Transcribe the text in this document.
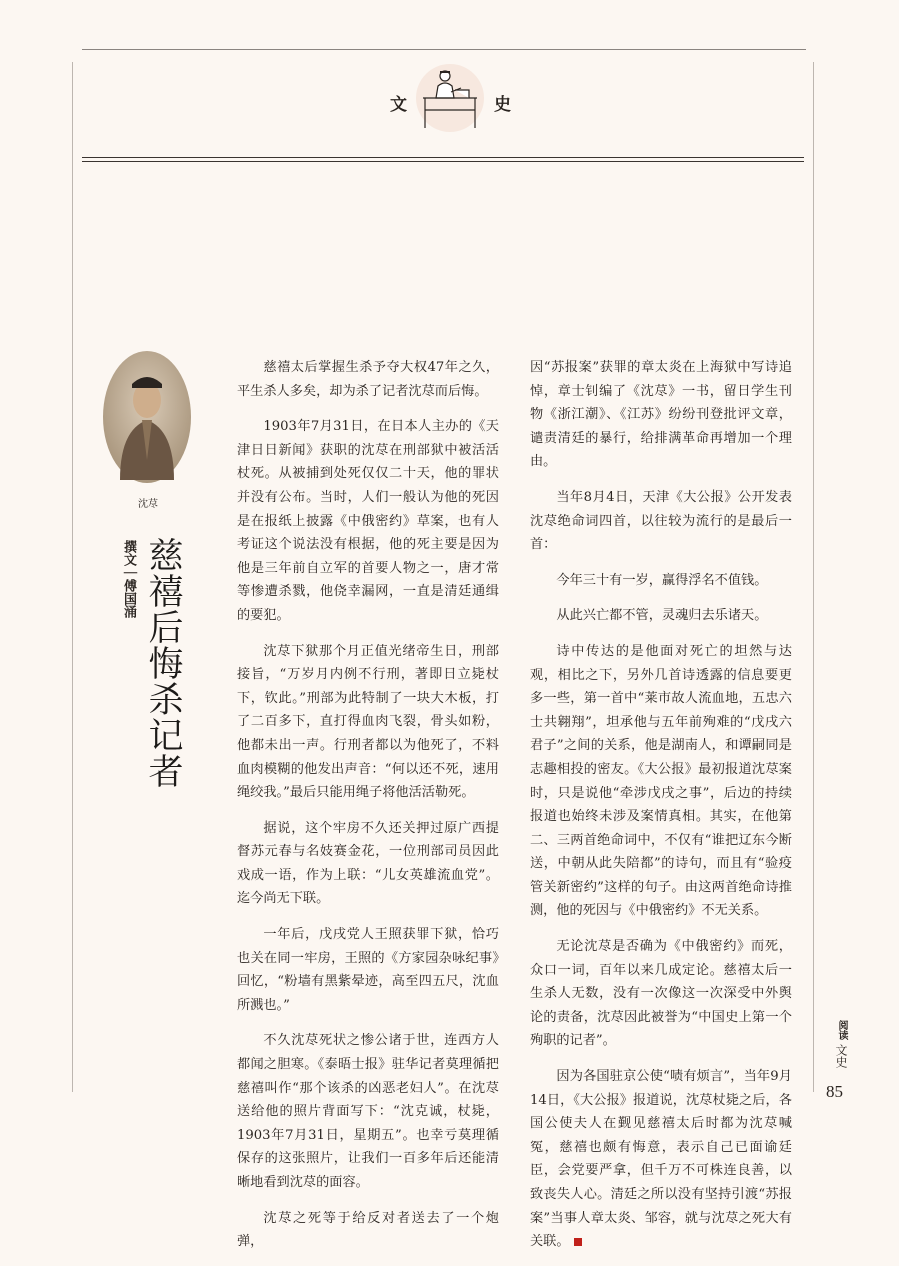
文	史
沈荩
慈禧后悔杀记者
撰文｜傅国涌

慈禧太后掌握生杀予夺大权47年之久，平生杀人多矣，却为杀了记者沈荩而后悔。

1903年7月31日，在日本人主办的《天津日日新闻》获职的沈荩在刑部狱中被活活杖死。从被捕到处死仅仅二十天，他的罪状并没有公布。当时，人们一般认为他的死因是在报纸上披露《中俄密约》草案，也有人考证这个说法没有根据，他的死主要是因为他是三年前自立军的首要人物之一，唐才常等惨遭杀戮，他侥幸漏网，一直是清廷通缉的要犯。

沈荩下狱那个月正值光绪帝生日，刑部接旨，“万岁月内例不行刑，著即日立毙杖下，钦此。”刑部为此特制了一块大木板，打了二百多下，直打得血肉飞裂，骨头如粉，他都未出一声。行刑者都以为他死了，不料血肉模糊的他发出声音：“何以还不死，速用绳绞我。”最后只能用绳子将他活活勒死。

据说，这个牢房不久还关押过原广西提督苏元春与名妓赛金花，一位刑部司员因此戏成一语，作为上联：“儿女英雄流血党”。迄今尚无下联。

一年后，戊戌党人王照获罪下狱，恰巧也关在同一牢房，王照的《方家园杂咏纪事》回忆，“粉墙有黑紫晕迹，高至四五尺，沈血所溅也。”

不久沈荩死状之惨公诸于世，连西方人都闻之胆寒。《泰晤士报》驻华记者莫理循把慈禧叫作“那个该杀的凶恶老妇人”。在沈荩送给他的照片背面写下：“沈克诚，杖毙，1903年7月31日，星期五”。也幸亏莫理循保存的这张照片，让我们一百多年后还能清晰地看到沈荩的面容。

沈荩之死等于给反对者送去了一个炮弹，

因“苏报案”获罪的章太炎在上海狱中写诗追悼，章士钊编了《沈荩》一书，留日学生刊物《浙江潮》、《江苏》纷纷刊登批评文章，谴责清廷的暴行，给排满革命再增加一个理由。

当年8月4日，天津《大公报》公开发表沈荩绝命词四首，以往较为流行的是最后一首：

今年三十有一岁，赢得浮名不值钱。

从此兴亡都不管，灵魂归去乐诸天。

诗中传达的是他面对死亡的坦然与达观，相比之下，另外几首诗透露的信息要更多一些，第一首中“莱市故人流血地，五忠六士共翱翔”，坦承他与五年前殉难的“戊戌六君子”之间的关系，他是湖南人，和谭嗣同是志趣相投的密友。《大公报》最初报道沈荩案时，只是说他“牵涉戊戌之事”，后边的持续报道也始终未涉及案情真相。其实，在他第二、三两首绝命词中，不仅有“谁把辽东今断送，中朝从此失陪都”的诗句，而且有“验疫管关新密约”这样的句子。由这两首绝命诗推测，他的死因与《中俄密约》不无关系。

无论沈荩是否确为《中俄密约》而死，众口一词，百年以来几成定论。慈禧太后一生杀人无数，没有一次像这一次深受中外舆论的责备，沈荩因此被誉为“中国史上第一个殉职的记者”。

因为各国驻京公使“啧有烦言”，当年9月14日，《大公报》报道说，沈荩杖毙之后，各国公使夫人在觐见慈禧太后时都为沈荩喊冤，慈禧也颇有悔意，表示自己已面谕廷臣，会党要严拿，但千万不可株连良善，以致丧失人心。清廷之所以没有坚持引渡“苏报案”当事人章太炎、邹容，就与沈荩之死大有关联。

阅读 文史
85
